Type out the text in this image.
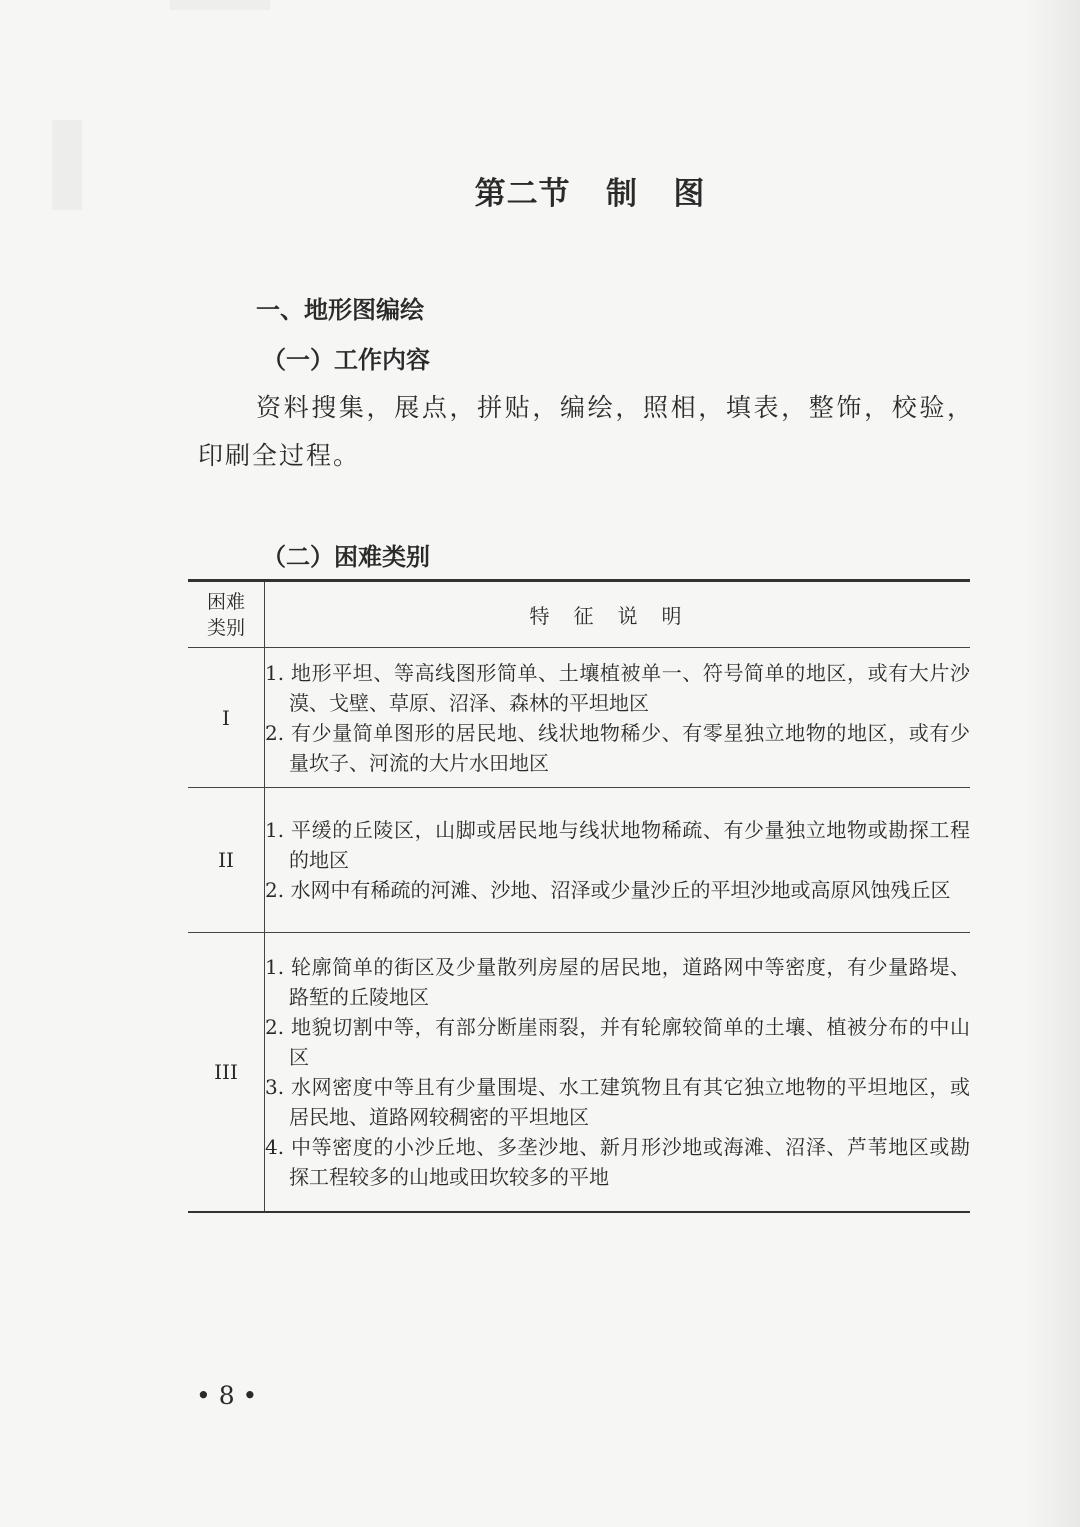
第二节   制   图
一、地形图编绘
（一）工作内容
资料搜集，展点，拼贴，编绘，照相，填表，整饰，校验，印刷全过程。
（二）困难类别
困难
类别	特征说明
I	1. 地形平坦、等高线图形简单、土壤植被单一、符号简单的地区，或有大片沙漠、戈壁、草原、沼泽、森林的平坦地区
2. 有少量简单图形的居民地、线状地物稀少、有零星独立地物的地区，或有少量坎子、河流的大片水田地区

II	1. 平缓的丘陵区，山脚或居民地与线状地物稀疏、有少量独立地物或勘探工程的地区
2. 水网中有稀疏的河滩、沙地、沼泽或少量沙丘的平坦沙地或高原风蚀残丘区

III	1. 轮廓简单的街区及少量散列房屋的居民地，道路网中等密度，有少量路堤、路堑的丘陵地区
2. 地貌切割中等，有部分断崖雨裂，并有轮廓较简单的土壤、植被分布的中山区
3. 水网密度中等且有少量围堤、水工建筑物且有其它独立地物的平坦地区，或居民地、道路网较稠密的平坦地区
4. 中等密度的小沙丘地、多垄沙地、新月形沙地或海滩、沼泽、芦苇地区或勘探工程较多的山地或田坎较多的平地
• 8 •
